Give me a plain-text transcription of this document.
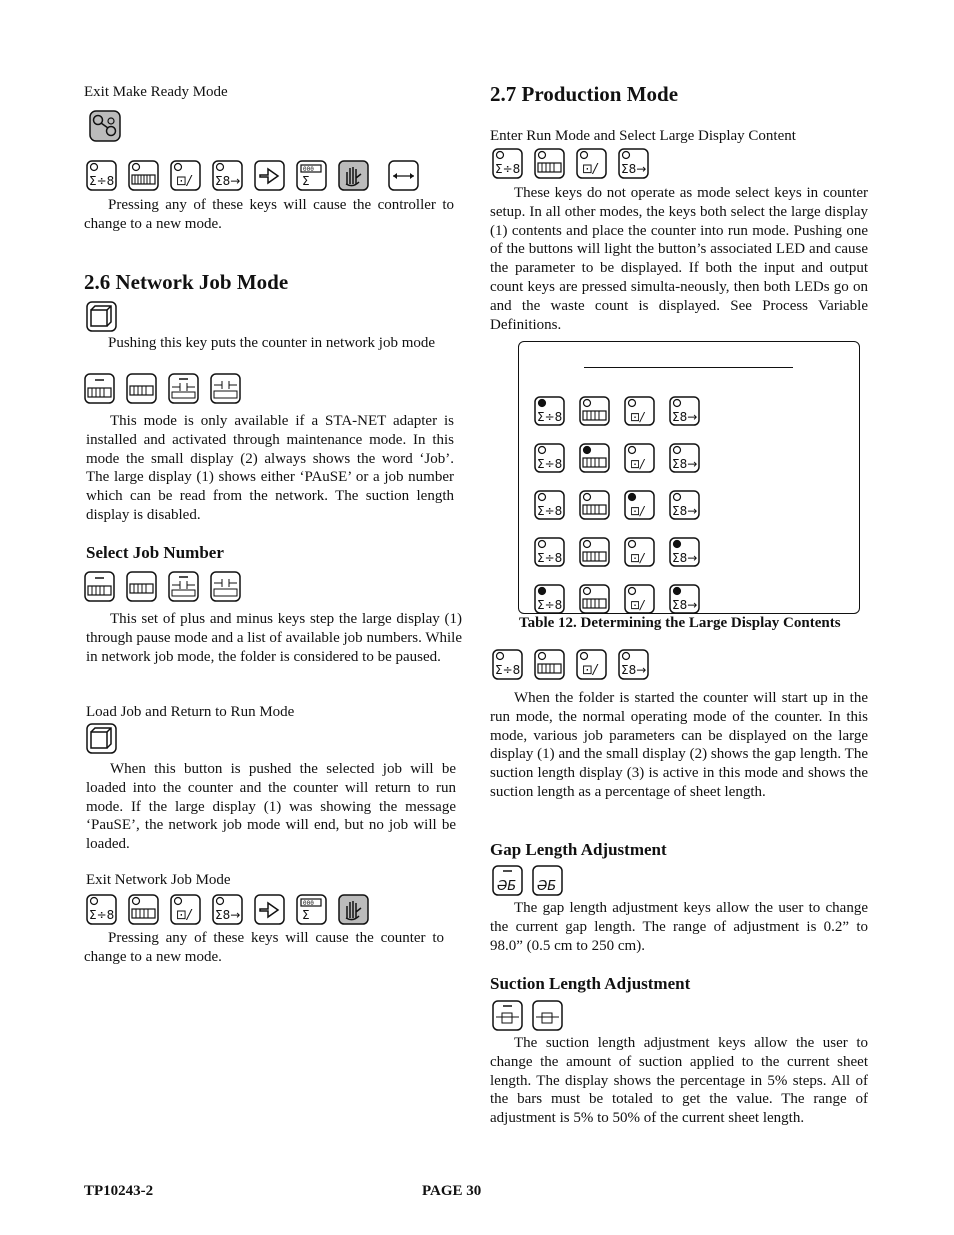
Exit Make Ready Mode
Σ÷8	⊡/ Σ8→
000
Σ

Pressing any of these keys will cause the controller to change to a new mode.

2.6 Network Job Mode

Pushing this key puts the counter in network job mode

This mode is only available if a STA-NET adapter is installed and activated through maintenance mode. In this mode the small display (2) always shows the word ‘Job’. The large display (1) shows either ‘PAuSE’ or a job number which can be read from the network. The suction length display is disabled.

Select Job Number

This set of plus and minus keys step the large display (1) through pause mode and a list of available job numbers. While in network job mode, the folder is considered to be paused.

Load Job and Return to Run Mode

When this button is pushed the selected job will be loaded into the counter and the counter will return to run mode. If the large display (1) was showing the message ‘PauSE’, the network job mode will end, but no job will be loaded.

Exit Network Job Mode
Σ÷8	⊡/ Σ8→
000
Σ

Pressing any of these keys will cause the counter to change to a new mode.

2.7 Production Mode
Enter Run Mode and Select Large Display Content
Σ÷8	⊡/ Σ8→

These keys do not operate as mode select keys in counter setup. In all other modes, the keys both select the large display (1) contents and place the counter into run mode. Pushing one of the buttons will light the button’s associated LED and cause the parameter to be displayed. If both the input and output count keys are pressed simulta-neously, then both LEDs go on and the waste count is displayed. See Process Variable Definitions.

Σ÷8	⊡/ Σ8→
Σ÷8	⊡/ Σ8→
Σ÷8	⊡/ Σ8→
Σ÷8	⊡/ Σ8→
Σ÷8	⊡/ Σ8→
Table 12. Determining the Large Display Contents
Σ÷8	⊡/ Σ8→

When the folder is started the counter will start up in the run mode, the normal operating mode of the counter. In this mode, various job parameters can be displayed on the large display (1) and the small display (2) shows the gap length. The suction length display (3) is active in this mode and shows the suction length as a percentage of sheet length.

Gap Length Adjustment
ƏƂ ƏƂ

The gap length adjustment keys allow the user to change the current gap length. The range of adjustment is 0.2” to 98.0” (0.5 cm to 250 cm).

Suction Length Adjustment

The suction length adjustment keys allow the user to change the amount of suction applied to the current sheet length. The display shows the percentage in 5% steps. All of the bars must be totaled to get the value. The range of adjustment is 5% to 50% of the current sheet length.

TP10243-2	PAGE 30
